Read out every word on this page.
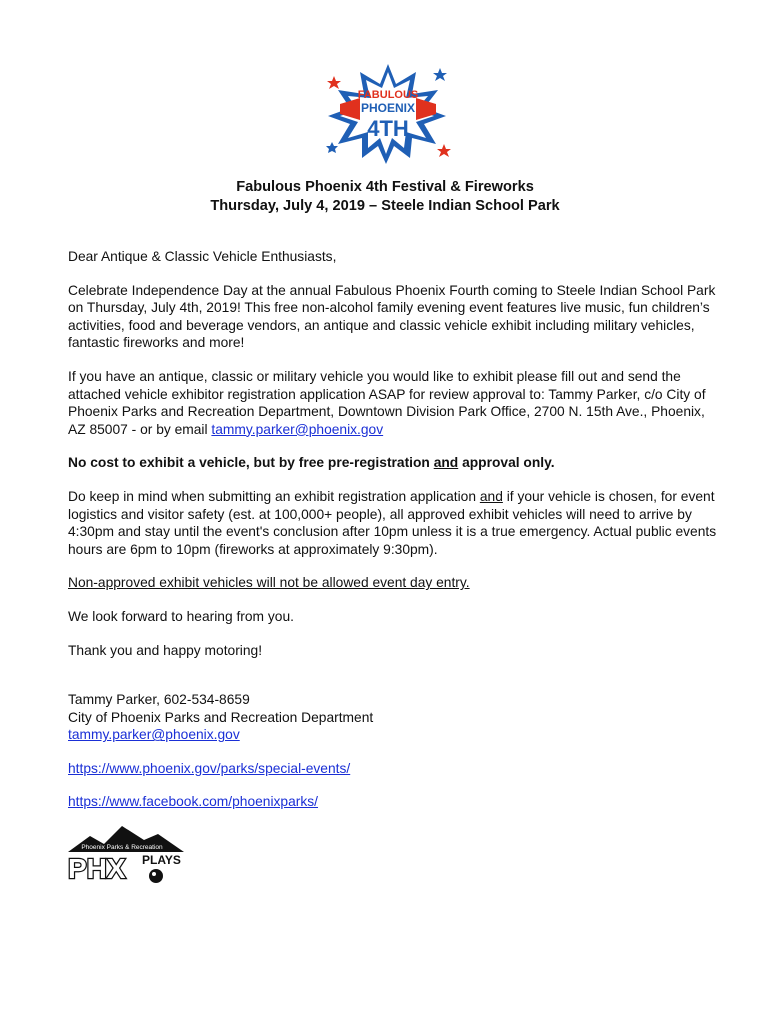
FABULOUS
PHOENIX
4TH
Fabulous Phoenix 4th Festival & Fireworks
Thursday, July 4, 2019 – Steele Indian School Park

Dear Antique & Classic Vehicle Enthusiasts,

Celebrate Independence Day at the annual Fabulous Phoenix Fourth coming to Steele Indian School Park on Thursday, July 4th, 2019! This free non-alcohol family evening event features live music, fun children’s activities, food and beverage vendors, an antique and classic vehicle exhibit including military vehicles, fantastic fireworks and more!

If you have an antique, classic or military vehicle you would like to exhibit please fill out and send the attached vehicle exhibitor registration application ASAP for review approval to: Tammy Parker, c/o City of Phoenix Parks and Recreation Department, Downtown Division Park Office, 2700 N. 15th Ave., Phoenix, AZ 85007 - or by email tammy.parker@phoenix.gov

No cost to exhibit a vehicle, but by free pre-registration and approval only.

Do keep in mind when submitting an exhibit registration application and if your vehicle is chosen, for event logistics and visitor safety (est. at 100,000+ people), all approved exhibit vehicles will need to arrive by 4:30pm and stay until the event's conclusion after 10pm unless it is a true emergency. Actual public events hours are 6pm to 10pm (fireworks at approximately 9:30pm).

Non-approved exhibit vehicles will not be allowed event day entry.

We look forward to hearing from you.

Thank you and happy motoring!

Tammy Parker, 602-534-8659

City of Phoenix Parks and Recreation Department

tammy.parker@phoenix.gov

https://www.phoenix.gov/parks/special-events/

https://www.facebook.com/phoenixparks/

Phoenix Parks & Recreation
PHX PLAYS
